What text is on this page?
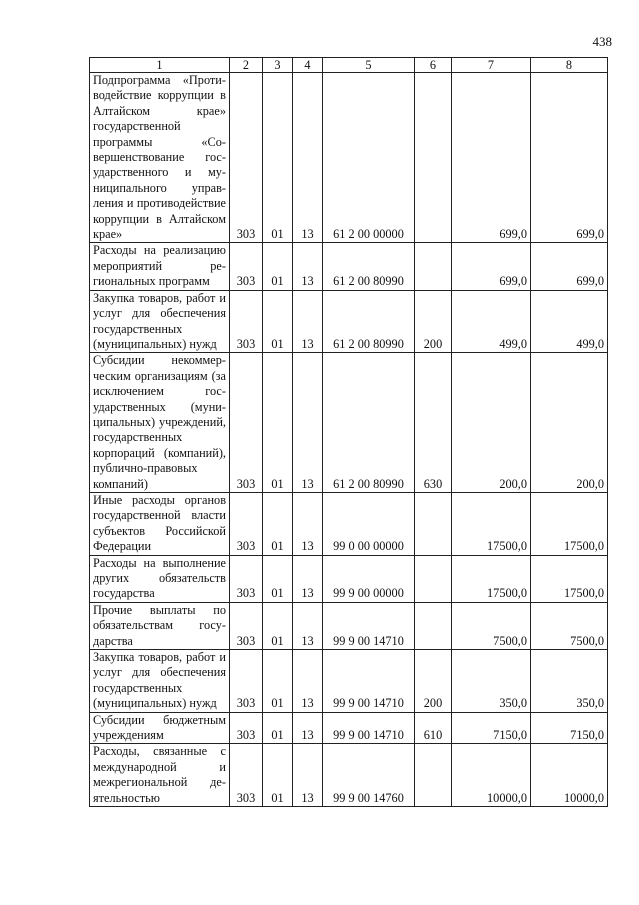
438
1	2	3	4	5	6	7	8
Подпрограмма «Противодействие коррупции в Алтайском крае» государственной программы «Совершенствование государственного и муниципального управления и противодействие коррупции в Алтайском крае»	303	01	13	61 2 00 00000		699,0	699,0
Расходы на реализацию мероприятий региональных программ	303	01	13	61 2 00 80990		699,0	699,0
Закупка товаров, работ и услуг для обеспечения государственных (муниципальных) нужд	303	01	13	61 2 00 80990	200	499,0	499,0
Субсидии некоммерческим организациям (за исключением государственных (муниципальных) учреждений, государственных корпораций (компаний), публично-правовых компаний)	303	01	13	61 2 00 80990	630	200,0	200,0
Иные расходы органов государственной власти субъектов Российской Федерации	303	01	13	99 0 00 00000		17500,0	17500,0
Расходы на выполнение других обязательств государства	303	01	13	99 9 00 00000		17500,0	17500,0
Прочие выплаты по обязательствам государства	303	01	13	99 9 00 14710		7500,0	7500,0
Закупка товаров, работ и услуг для обеспечения государственных (муниципальных) нужд	303	01	13	99 9 00 14710	200	350,0	350,0
Субсидии бюджетным учреждениям	303	01	13	99 9 00 14710	610	7150,0	7150,0
Расходы, связанные с международной и межрегиональной деятельностью	303	01	13	99 9 00 14760		10000,0	10000,0
